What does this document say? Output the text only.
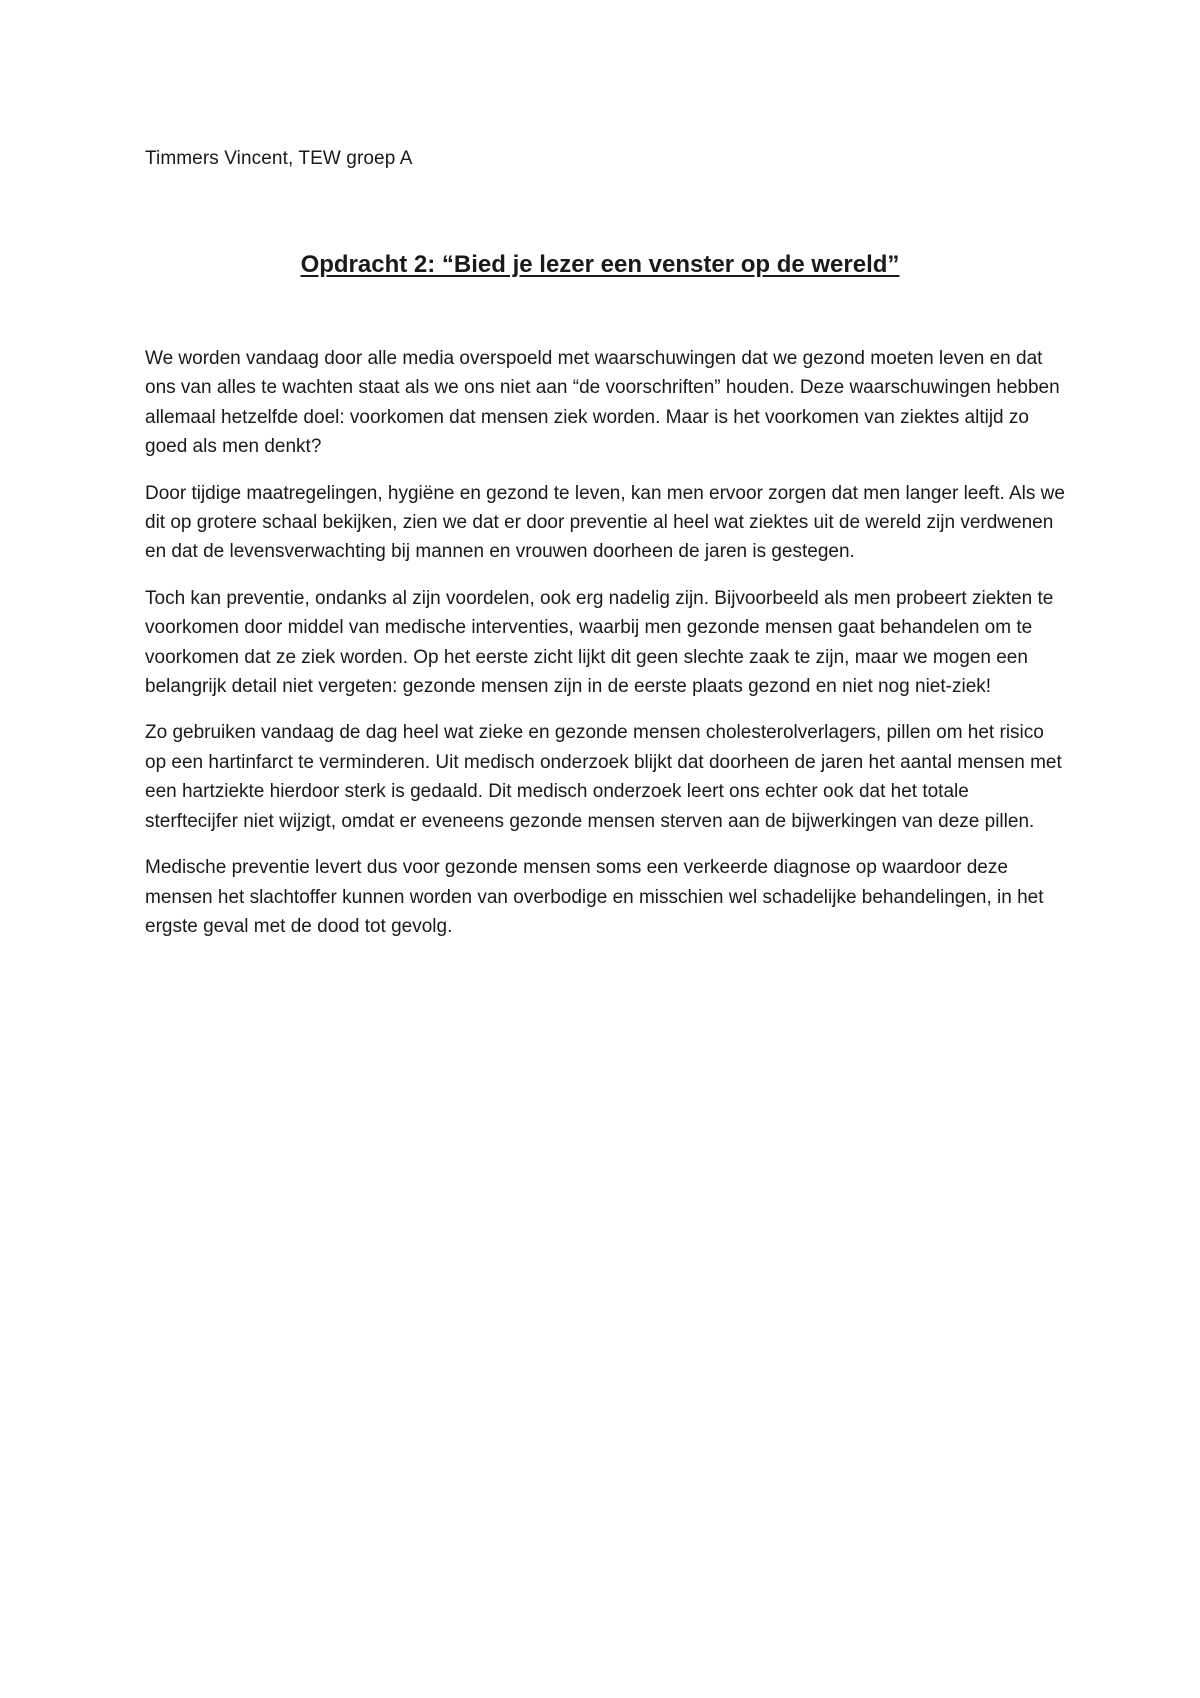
Timmers Vincent, TEW groep A
Opdracht 2: “Bied je lezer een venster op de wereld”

We worden vandaag door alle media overspoeld met waarschuwingen dat we gezond moeten leven en dat ons van alles te wachten staat als we ons niet aan “de voorschriften” houden. Deze waarschuwingen hebben allemaal hetzelfde doel: voorkomen dat mensen ziek worden. Maar is het voorkomen van ziektes altijd zo goed als men denkt?

Door tijdige maatregelingen, hygiëne en gezond te leven, kan men ervoor zorgen dat men langer leeft. Als we dit op grotere schaal bekijken, zien we dat er door preventie al heel wat ziektes uit de wereld zijn verdwenen en dat de levensverwachting bij mannen en vrouwen doorheen de jaren is gestegen.

Toch kan preventie, ondanks al zijn voordelen, ook erg nadelig zijn. Bijvoorbeeld als men probeert ziekten te voorkomen door middel van medische interventies, waarbij men gezonde mensen gaat behandelen om te voorkomen dat ze ziek worden. Op het eerste zicht lijkt dit geen slechte zaak te zijn, maar we mogen een belangrijk detail niet vergeten: gezonde mensen zijn in de eerste plaats gezond en niet nog niet-ziek!

Zo gebruiken vandaag de dag heel wat zieke en gezonde mensen cholesterolverlagers, pillen om het risico op een hartinfarct te verminderen. Uit medisch onderzoek blijkt dat doorheen de jaren het aantal mensen met een hartziekte hierdoor sterk is gedaald. Dit medisch onderzoek leert ons echter ook dat het totale sterftecijfer niet wijzigt, omdat er eveneens gezonde mensen sterven aan de bijwerkingen van deze pillen.

Medische preventie levert dus voor gezonde mensen soms een verkeerde diagnose op waardoor deze mensen het slachtoffer kunnen worden van overbodige en misschien wel schadelijke behandelingen, in het ergste geval met de dood tot gevolg.
